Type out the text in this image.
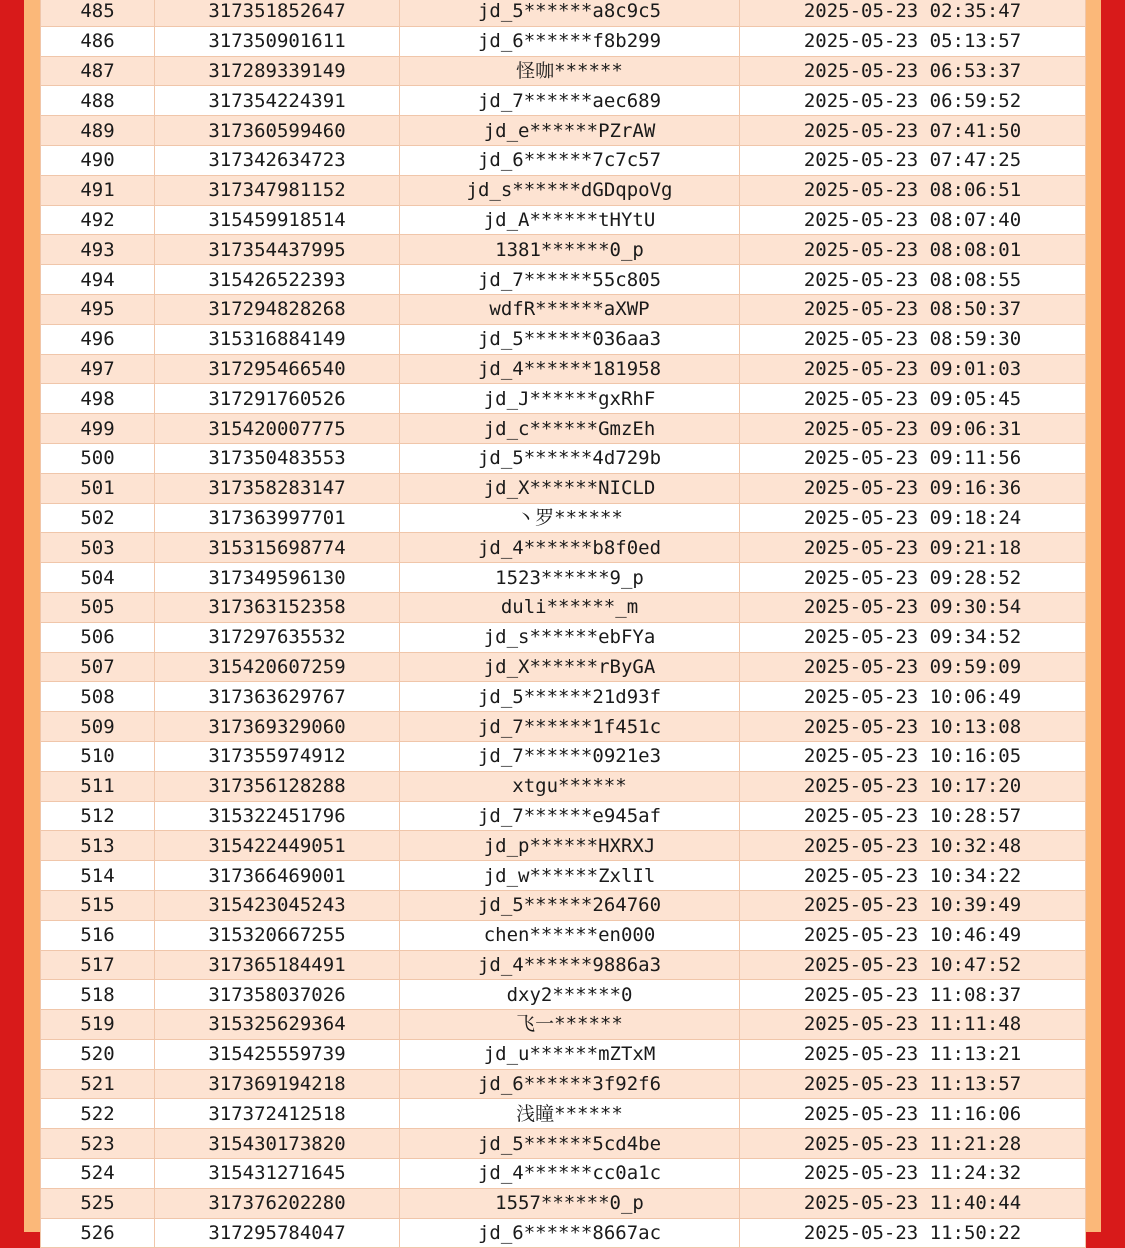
485	317351852647	jd_5******a8c9c5	2025-05-23 02:35:47
486	317350901611	jd_6******f8b299	2025-05-23 05:13:57
487	317289339149	怪咖******	2025-05-23 06:53:37
488	317354224391	jd_7******aec689	2025-05-23 06:59:52
489	317360599460	jd_e******PZrAW	2025-05-23 07:41:50
490	317342634723	jd_6******7c7c57	2025-05-23 07:47:25
491	317347981152	jd_s******dGDqpoVg	2025-05-23 08:06:51
492	315459918514	jd_A******tHYtU	2025-05-23 08:07:40
493	317354437995	1381******0_p	2025-05-23 08:08:01
494	315426522393	jd_7******55c805	2025-05-23 08:08:55
495	317294828268	wdfR******aXWP	2025-05-23 08:50:37
496	315316884149	jd_5******036aa3	2025-05-23 08:59:30
497	317295466540	jd_4******181958	2025-05-23 09:01:03
498	317291760526	jd_J******gxRhF	2025-05-23 09:05:45
499	315420007775	jd_c******GmzEh	2025-05-23 09:06:31
500	317350483553	jd_5******4d729b	2025-05-23 09:11:56
501	317358283147	jd_X******NICLD	2025-05-23 09:16:36
502	317363997701	丶罗******	2025-05-23 09:18:24
503	315315698774	jd_4******b8f0ed	2025-05-23 09:21:18
504	317349596130	1523******9_p	2025-05-23 09:28:52
505	317363152358	duli******_m	2025-05-23 09:30:54
506	317297635532	jd_s******ebFYa	2025-05-23 09:34:52
507	315420607259	jd_X******rByGA	2025-05-23 09:59:09
508	317363629767	jd_5******21d93f	2025-05-23 10:06:49
509	317369329060	jd_7******1f451c	2025-05-23 10:13:08
510	317355974912	jd_7******0921e3	2025-05-23 10:16:05
511	317356128288	xtgu******	2025-05-23 10:17:20
512	315322451796	jd_7******e945af	2025-05-23 10:28:57
513	315422449051	jd_p******HXRXJ	2025-05-23 10:32:48
514	317366469001	jd_w******ZxlIl	2025-05-23 10:34:22
515	315423045243	jd_5******264760	2025-05-23 10:39:49
516	315320667255	chen******en000	2025-05-23 10:46:49
517	317365184491	jd_4******9886a3	2025-05-23 10:47:52
518	317358037026	dxy2******0	2025-05-23 11:08:37
519	315325629364	飞一******	2025-05-23 11:11:48
520	315425559739	jd_u******mZTxM	2025-05-23 11:13:21
521	317369194218	jd_6******3f92f6	2025-05-23 11:13:57
522	317372412518	浅瞳******	2025-05-23 11:16:06
523	315430173820	jd_5******5cd4be	2025-05-23 11:21:28
524	315431271645	jd_4******cc0a1c	2025-05-23 11:24:32
525	317376202280	1557******0_p	2025-05-23 11:40:44
526	317295784047	jd_6******8667ac	2025-05-23 11:50:22
